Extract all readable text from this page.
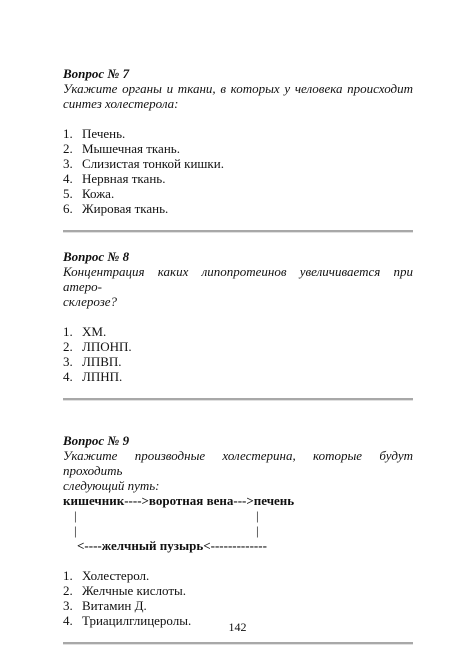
Вопрос № 7
Укажите органы и ткани, в которых у человека происходит
синтез холестерола:
1. Печень.
2. Мышечная ткань.
3. Слизистая тонкой кишки.
4. Нервная ткань.
5. Кожа.
6. Жировая ткань.
Вопрос № 8
Концентрация каких липопротеинов увеличивается при атеро-
склерозе?
1. ХМ.
2. ЛПОНП.
3. ЛПВП.
4. ЛПНП.
Вопрос № 9
Укажите производные холестерина, которые будут проходить
следующий путь:
кишечник---->воротная вена--->печень

|

	|

|

	|

<----желчный пузырь<-------------
1. Холестерол.
2. Желчные кислоты.
3. Витамин Д.
4. Триацилглицеролы.	142
